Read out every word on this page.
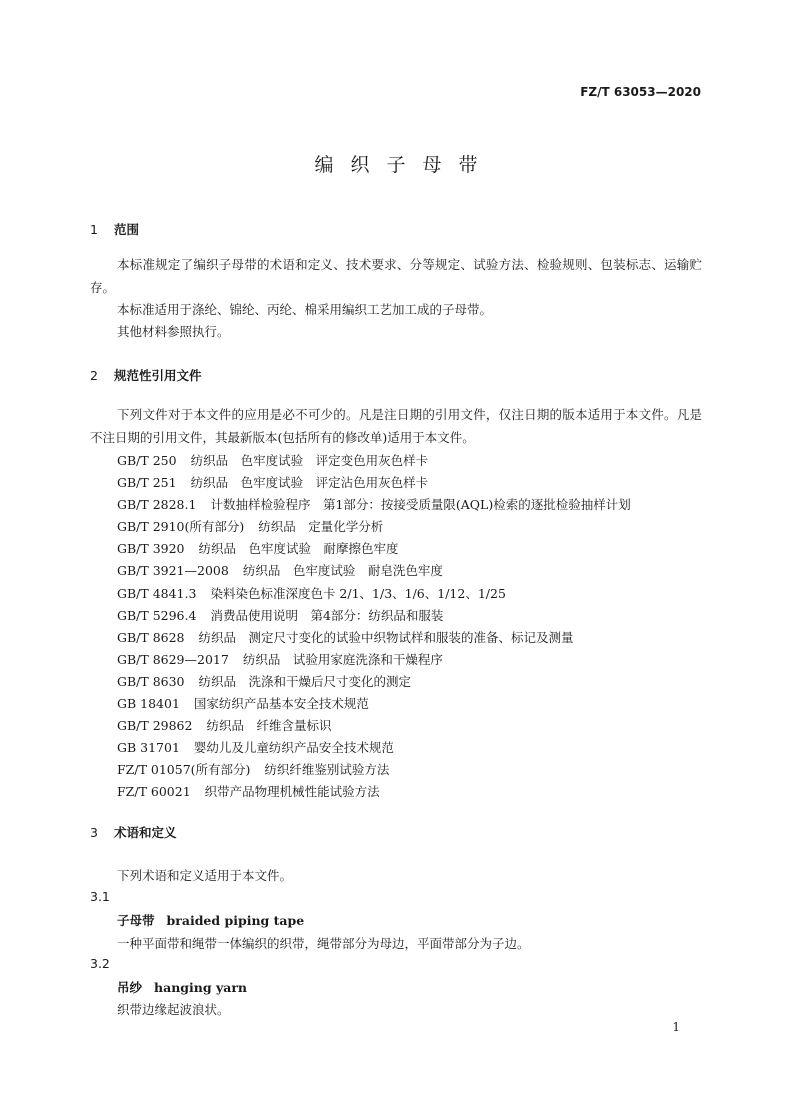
FZ/T 63053—2020
编织子母带
1 范围
本标准规定了编织子母带的术语和定义、技术要求、分等规定、试验方法、检验规则、包装标志、运输贮存。
本标准适用于涤纶、锦纶、丙纶、棉采用编织工艺加工成的子母带。
其他材料参照执行。
2 规范性引用文件
下列文件对于本文件的应用是必不可少的。凡是注日期的引用文件，仅注日期的版本适用于本文件。凡是不注日期的引用文件，其最新版本(包括所有的修改单)适用于本文件。
GB/T 250 纺织品　色牢度试验　评定变色用灰色样卡
GB/T 251 纺织品　色牢度试验　评定沾色用灰色样卡
GB/T 2828.1 计数抽样检验程序　第1部分：按接受质量限(AQL)检索的逐批检验抽样计划
GB/T 2910(所有部分) 纺织品　定量化学分析
GB/T 3920 纺织品　色牢度试验　耐摩擦色牢度
GB/T 3921—2008 纺织品　色牢度试验　耐皂洗色牢度
GB/T 4841.3 染料染色标准深度色卡 2/1、1/3、1/6、1/12、1/25
GB/T 5296.4 消费品使用说明　第4部分：纺织品和服装
GB/T 8628 纺织品　测定尺寸变化的试验中织物试样和服装的准备、标记及测量
GB/T 8629—2017 纺织品　试验用家庭洗涤和干燥程序
GB/T 8630 纺织品　洗涤和干燥后尺寸变化的测定
GB 18401 国家纺织产品基本安全技术规范
GB/T 29862 纺织品　纤维含量标识
GB 31701 婴幼儿及儿童纺织产品安全技术规范
FZ/T 01057(所有部分) 纺织纤维鉴别试验方法
FZ/T 60021 织带产品物理机械性能试验方法
3 术语和定义
下列术语和定义适用于本文件。
3.1
子母带 braided piping tape
一种平面带和绳带一体编织的织带，绳带部分为母边，平面带部分为子边。
3.2
吊纱 hanging yarn
织带边缘起波浪状。
1
